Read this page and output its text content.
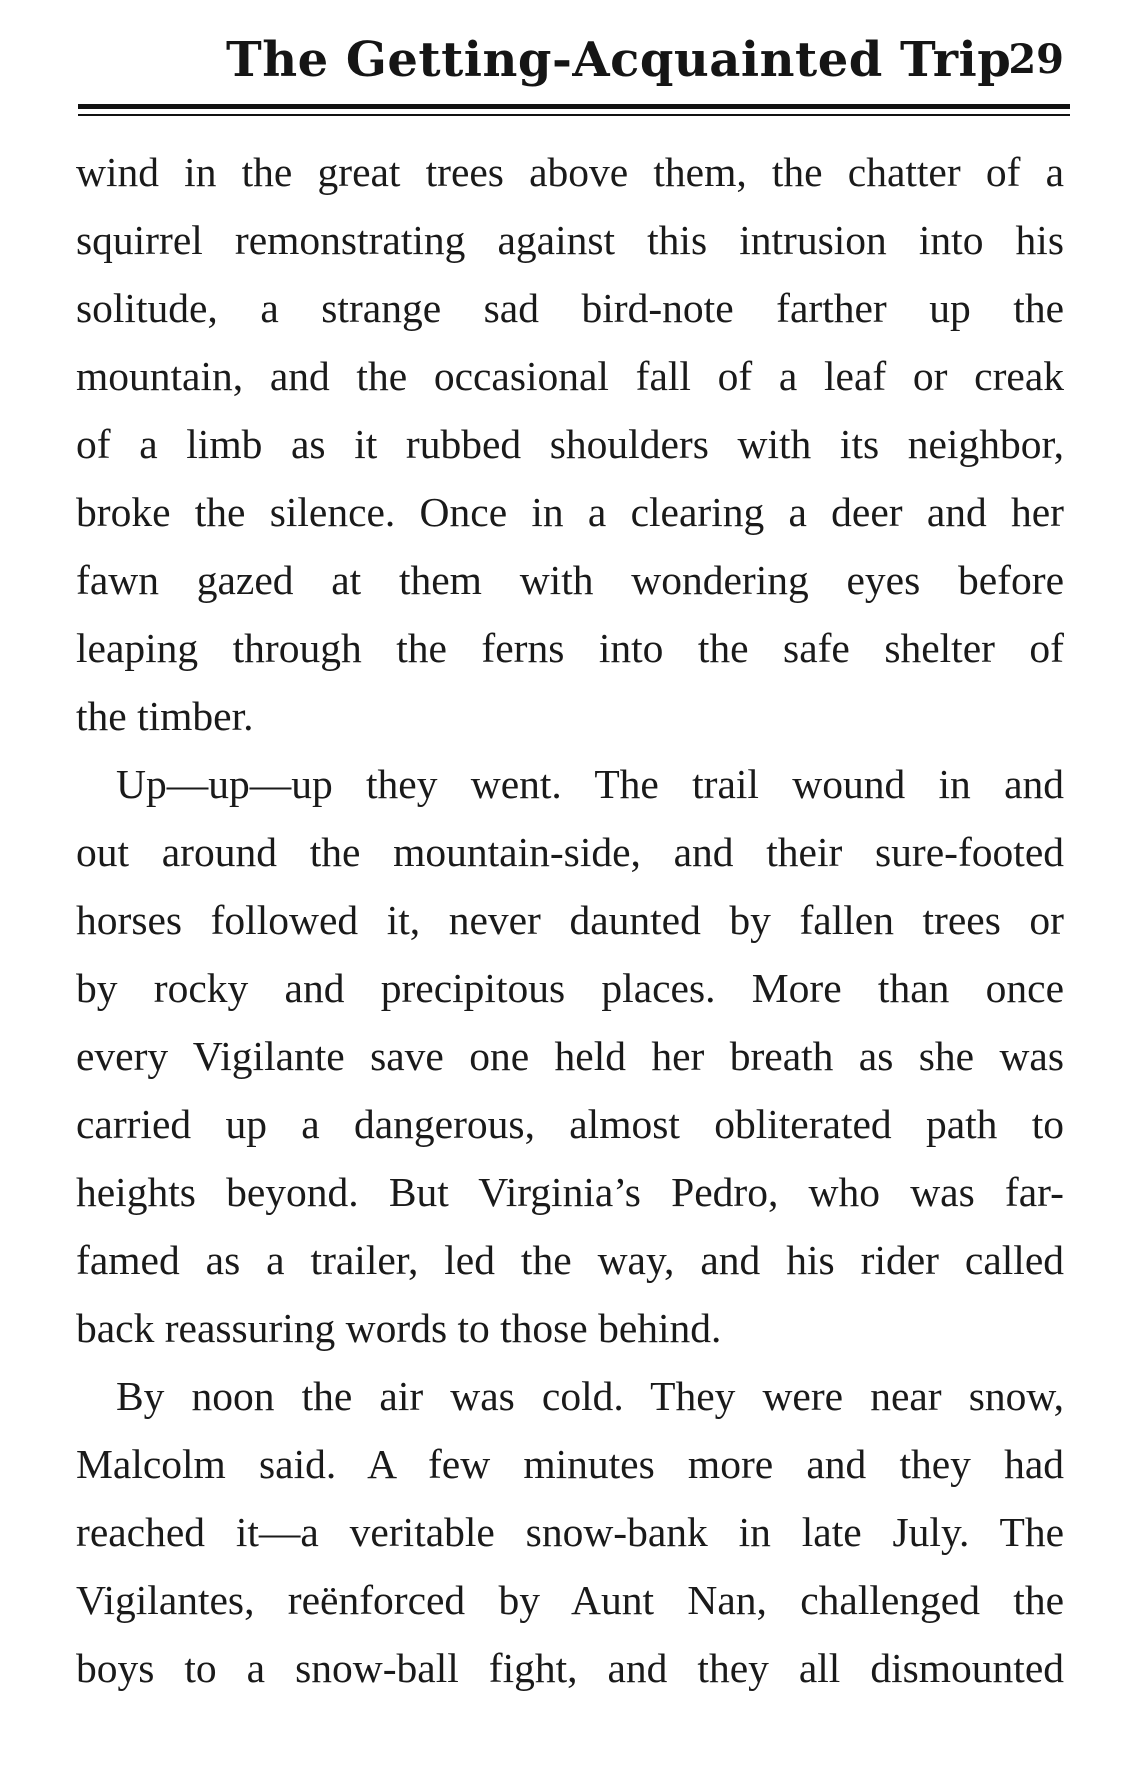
The Getting-Acquainted Trip
29
wind in the great trees above them, the chatter of a
squirrel remonstrating against this intrusion into his
solitude, a strange sad bird-note farther up the
mountain, and the occasional fall of a leaf or creak
of a limb as it rubbed shoulders with its neighbor,
broke the silence. Once in a clearing a deer and her
fawn gazed at them with wondering eyes before
leaping through the ferns into the safe shelter of
the timber.
Up—up—up they went. The trail wound in and
out around the mountain-side, and their sure-footed
horses followed it, never daunted by fallen trees or
by rocky and precipitous places. More than once
every Vigilante save one held her breath as she was
carried up a dangerous, almost obliterated path to
heights beyond. But Virginia’s Pedro, who was far-
famed as a trailer, led the way, and his rider called
back reassuring words to those behind.
By noon the air was cold. They were near snow,
Malcolm said. A few minutes more and they had
reached it—a veritable snow-bank in late July. The
Vigilantes, reënforced by Aunt Nan, challenged the
boys to a snow-ball fight, and they all dismounted
